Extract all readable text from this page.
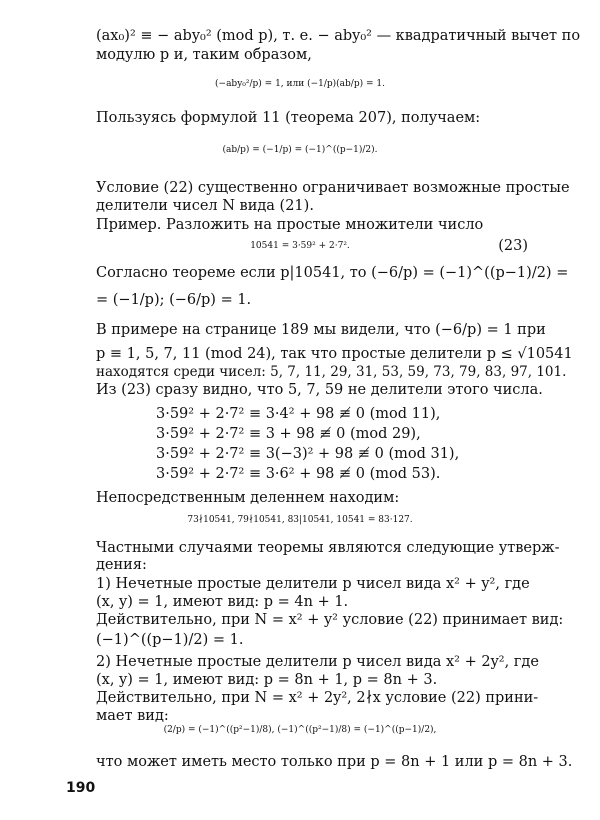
(ax₀)² ≡ − aby₀² (mod p), т. е. − aby₀² — квадратичный вычет по
модулю p и, таким образом,
(−aby₀²/p) = 1, или (−1/p)(ab/p) = 1.
Пользуясь формулой 11 (теорема 207), получаем:
(ab/p) = (−1/p) = (−1)^((p−1)/2).
Условие (22) существенно ограничивает возможные простые
делители чисел N вида (21).
Пример. Разложить на простые множители число
10541 = 3·59² + 2·7².	(23)
Согласно теореме если p|10541, то (−6/p) = (−1)^((p−1)/2) =
= (−1/p); (−6/p) = 1.
В примере на странице 189 мы видели, что (−6/p) = 1 при
p ≡ 1, 5, 7, 11 (mod 24), так что простые делители p ≤ √10541
находятся среди чисел: 5, 7, 11, 29, 31, 53, 59, 73, 79, 83, 97, 101.
Из (23) сразу видно, что 5, 7, 59 не делители этого числа.
3·59² + 2·7² ≡ 3·4² + 98 ≢ 0 (mod 11),
3·59² + 2·7² ≡ 3 + 98 ≢ 0 (mod 29),
3·59² + 2·7² ≡ 3(−3)² + 98 ≢ 0 (mod 31),
3·59² + 2·7² ≡ 3·6² + 98 ≢ 0 (mod 53).
Непосредственным деленнем находим:
73∤10541, 79∤10541, 83|10541, 10541 = 83·127.
Частными случаями теоремы являются следующие утверж-
дения:
1) Нечетные простые делители p чисел вида x² + y², где
(x, y) = 1, имеют вид: p = 4n + 1.
Действительно, при N = x² + y² условие (22) принимает вид:
(−1)^((p−1)/2) = 1.
2) Нечетные простые делители p чисел вида x² + 2y², где
(x, y) = 1, имеют вид: p = 8n + 1, p = 8n + 3.
Действительно, при N = x² + 2y², 2∤x условие (22) прини-
мает вид:
(2/p) = (−1)^((p²−1)/8), (−1)^((p²−1)/8) = (−1)^((p−1)/2),
что может иметь место только при p = 8n + 1 или p = 8n + 3.
190
